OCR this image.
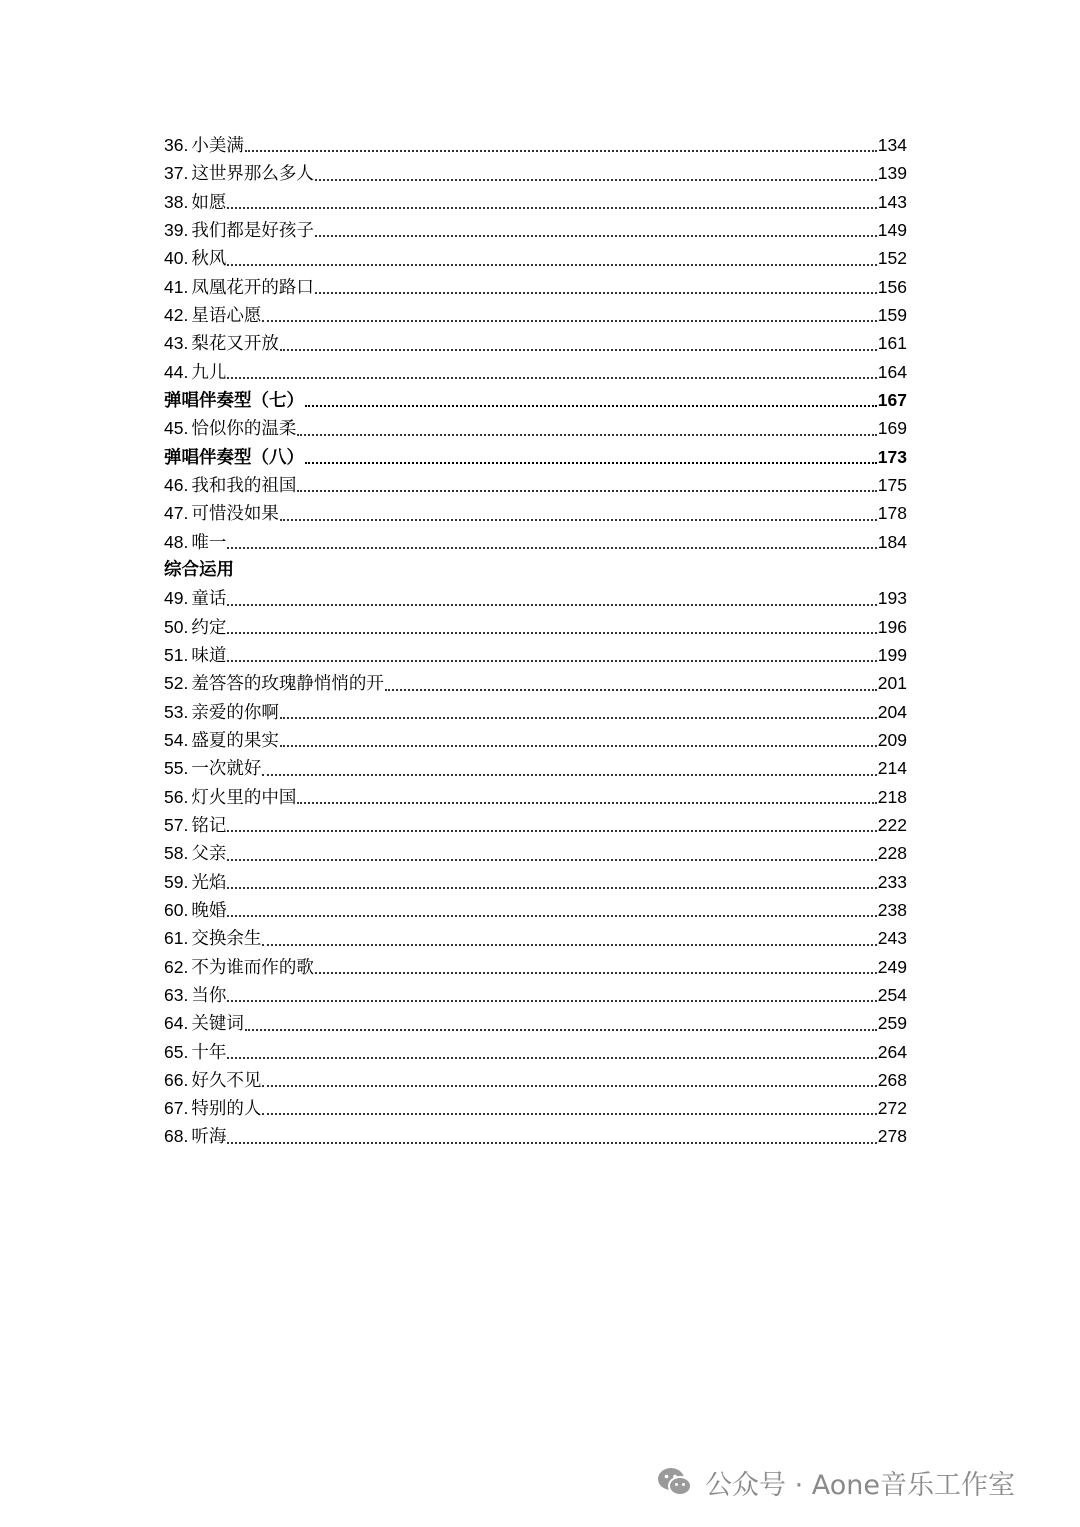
36. 小美满	134
37. 这世界那么多人	139
38. 如愿	143
39. 我们都是好孩子	149
40. 秋风	152
41. 凤凰花开的路口	156
42. 星语心愿	159
43. 梨花又开放	161
44. 九儿	164
弹唱伴奏型（七）	167
45. 恰似你的温柔	169
弹唱伴奏型（八）	173
46. 我和我的祖国	175
47. 可惜没如果	178
48. 唯一	184
综合运用
49. 童话	193
50. 约定	196
51. 味道	199
52. 羞答答的玫瑰静悄悄的开	201
53. 亲爱的你啊	204
54. 盛夏的果实	209
55. 一次就好	214
56. 灯火里的中国	218
57. 铭记	222
58. 父亲	228
59. 光焰	233
60. 晚婚	238
61. 交换余生	243
62. 不为谁而作的歌	249
63. 当你	254
64. 关键词	259
65. 十年	264
66. 好久不见	268
67. 特别的人	272
68. 听海	278
公众号 · Aone音乐工作室
